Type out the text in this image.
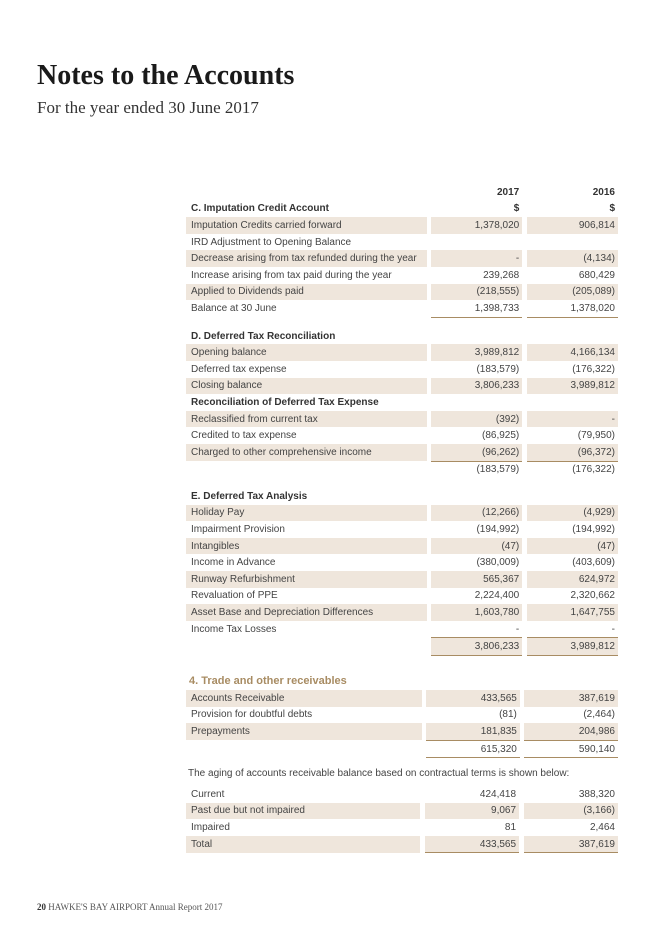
Notes to the Accounts

For the year ended 30 June 2017

		2017		2016
C. Imputation Credit Account		$		$
Imputation Credits carried forward		1,378,020		906,814
IRD Adjustment to Opening Balance				
Decrease arising from tax refunded during the year		-		(4,134)
Increase arising from tax paid during the year		239,268		680,429
Applied to Dividends paid		(218,555)		(205,089)
Balance at 30 June		1,398,733		1,378,020

D. Deferred Tax Reconciliation				
Opening balance		3,989,812		4,166,134
Deferred tax expense		(183,579)		(176,322)
Closing balance		3,806,233		3,989,812
Reconciliation of Deferred Tax Expense				
Reclassified from current tax		(392)		-
Credited to tax expense		(86,925)		(79,950)
Charged to other comprehensive income		(96,262)		(96,372)
		(183,579)		(176,322)

E. Deferred Tax Analysis				
Holiday Pay		(12,266)		(4,929)
Impairment Provision		(194,992)		(194,992)
Intangibles		(47)		(47)
Income in Advance		(380,009)		(403,609)
Runway Refurbishment		565,367		624,972
Revaluation of PPE		2,224,400		2,320,662
Asset Base and Depreciation Differences		1,603,780		1,647,755
Income Tax Losses		-		-
		3,806,233		3,989,812
4. Trade and other receivables				
Accounts Receivable		433,565		387,619
Provision for doubtful debts		(81)		(2,464)
Prepayments		181,835		204,986
		615,320		590,140

The aging of accounts receivable balance based on contractual terms is shown below:

Current		424,418		388,320
Past due but not impaired		9,067		(3,166)
Impaired		81		2,464
Total		433,565		387,619

20 HAWKE'S BAY AIRPORT Annual Report 2017
